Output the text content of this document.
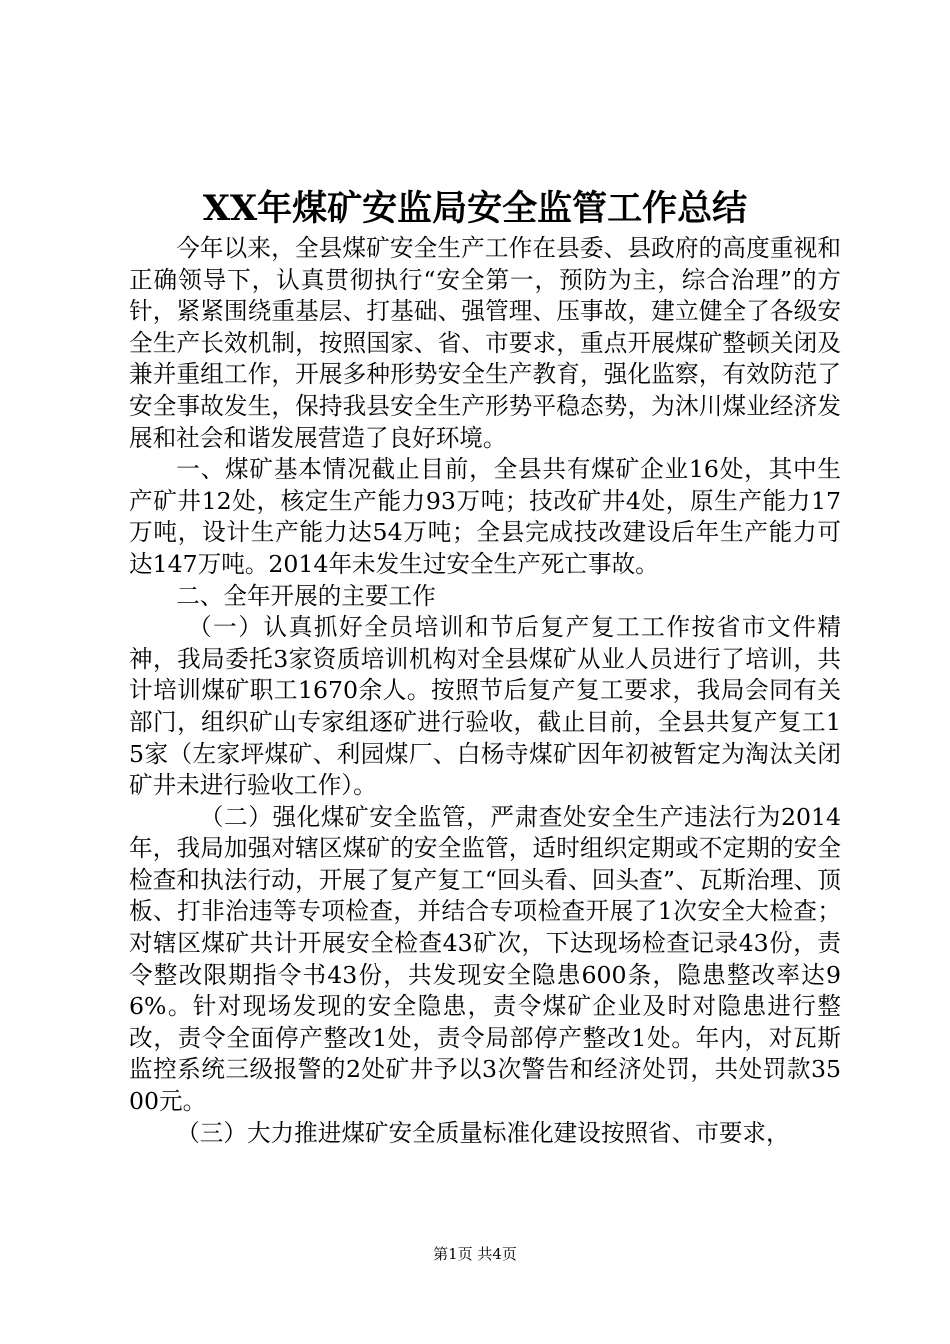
XX年煤矿安监局安全监管工作总结

今年以来，全县煤矿安全生产工作在县委、县政府的高度重视和正确领导下，认真贯彻执行“安全第一，预防为主，综合治理”的方针，紧紧围绕重基层、打基础、强管理、压事故，建立健全了各级安全生产长效机制，按照国家、省、市要求，重点开展煤矿整顿关闭及兼并重组工作，开展多种形势安全生产教育，强化监察，有效防范了安全事故发生，保持我县安全生产形势平稳态势，为沐川煤业经济发展和社会和谐发展营造了良好环境。

一、煤矿基本情况截止目前，全县共有煤矿企业16处，其中生产矿井12处，核定生产能力93万吨；技改矿井4处，原生产能力17万吨，设计生产能力达54万吨；全县完成技改建设后年生产能力可达147万吨。2014年未发生过安全生产死亡事故。

二、全年开展的主要工作

（一）认真抓好全员培训和节后复产复工工作按省市文件精神，我局委托3家资质培训机构对全县煤矿从业人员进行了培训，共计培训煤矿职工1670余人。按照节后复产复工要求，我局会同有关部门，组织矿山专家组逐矿进行验收，截止目前，全县共复产复工15家（左家坪煤矿、利园煤厂、白杨寺煤矿因年初被暂定为淘汰关闭矿井未进行验收工作）。

（二）强化煤矿安全监管，严肃查处安全生产违法行为2014年，我局加强对辖区煤矿的安全监管，适时组织定期或不定期的安全检查和执法行动，开展了复产复工“回头看、回头查”、瓦斯治理、顶板、打非治违等专项检查，并结合专项检查开展了1次安全大检查；对辖区煤矿共计开展安全检查43矿次，下达现场检查记录43份，责令整改限期指令书43份，共发现安全隐患600条，隐患整改率达96%。针对现场发现的安全隐患，责令煤矿企业及时对隐患进行整改，责令全面停产整改1处，责令局部停产整改1处。年内，对瓦斯监控系统三级报警的2处矿井予以3次警告和经济处罚，共处罚款3500元。

（三）大力推进煤矿安全质量标准化建设按照省、市要求，

第1页 共4页
